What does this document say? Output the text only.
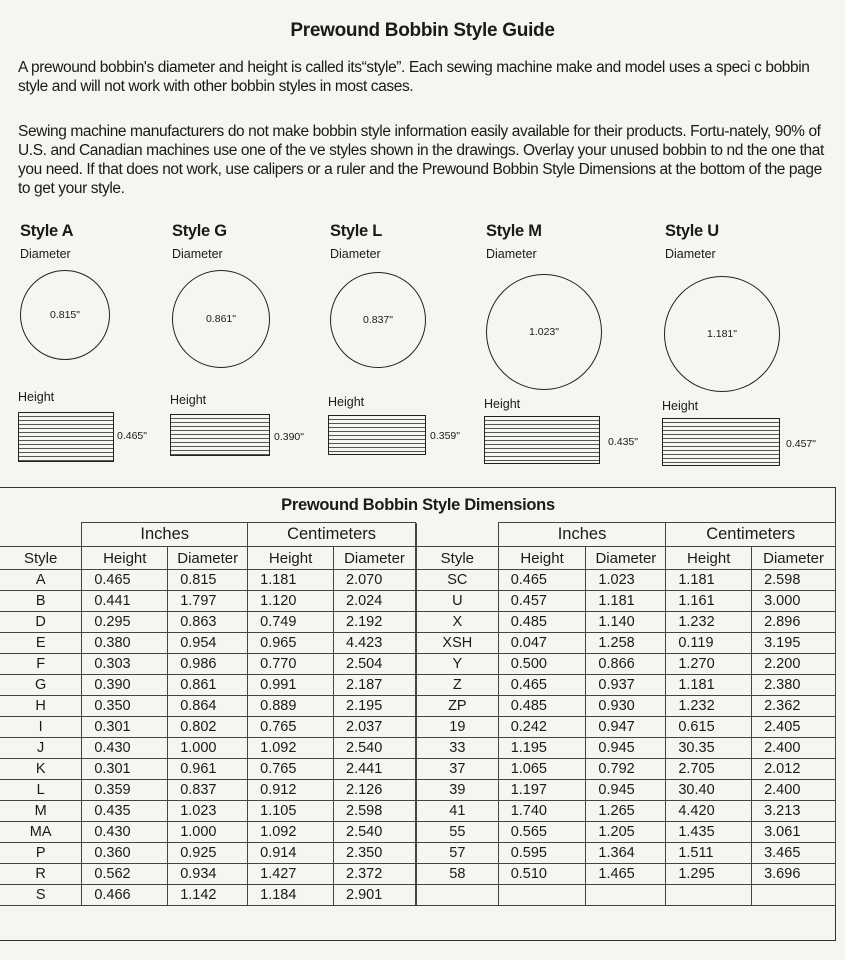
Prewound Bobbin Style Guide
A prewound bobbin's diameter and height is called its“style”. Each sewing machine make and model uses a speci c bobbin style and will not work with other bobbin styles in most cases.
Sewing machine manufacturers do not make bobbin style information easily available for their products. Fortu-nately, 90% of U.S. and Canadian machines use one of the ve styles shown in the drawings. Overlay your unused bobbin to nd the one that you need. If that does not work, use calipers or a ruler and the Prewound Bobbin Style Dimensions at the bottom of the page to get your style.
Style A
Diameter
0.815"
Height
0.465"
Style G
Diameter
0.861"
Height
0.390"
Style L
Diameter
0.837"
Height
0.359"
Style M
Diameter
1.023"
Height
0.435"
Style U
Diameter
1.181"
Height
0.457"
Prewound Bobbin Style Dimensions
	Inches		Centimeters	
Style	Height	Diameter	Height	Diameter
A	0.465	0.815	1.181	2.070
B	0.441	1.797	1.120	2.024
D	0.295	0.863	0.749	2.192
E	0.380	0.954	0.965	4.423
F	0.303	0.986	0.770	2.504
G	0.390	0.861	0.991	2.187
H	0.350	0.864	0.889	2.195
I	0.301	0.802	0.765	2.037
J	0.430	1.000	1.092	2.540
K	0.301	0.961	0.765	2.441
L	0.359	0.837	0.912	2.126
M	0.435	1.023	1.105	2.598
MA	0.430	1.000	1.092	2.540
P	0.360	0.925	0.914	2.350
R	0.562	0.934	1.427	2.372
S	0.466	1.142	1.184	2.901
	Inches		Centimeters	
Style	Height	Diameter	Height	Diameter
SC	0.465	1.023	1.181	2.598
U	0.457	1.181	1.161	3.000
X	0.485	1.140	1.232	2.896
XSH	0.047	1.258	0.119	3.195
Y	0.500	0.866	1.270	2.200
Z	0.465	0.937	1.181	2.380
ZP	0.485	0.930	1.232	2.362
19	0.242	0.947	0.615	2.405
33	1.195	0.945	30.35	2.400
37	1.065	0.792	2.705	2.012
39	1.197	0.945	30.40	2.400
41	1.740	1.265	4.420	3.213
55	0.565	1.205	1.435	3.061
57	0.595	1.364	1.511	3.465
58	0.510	1.465	1.295	3.696
